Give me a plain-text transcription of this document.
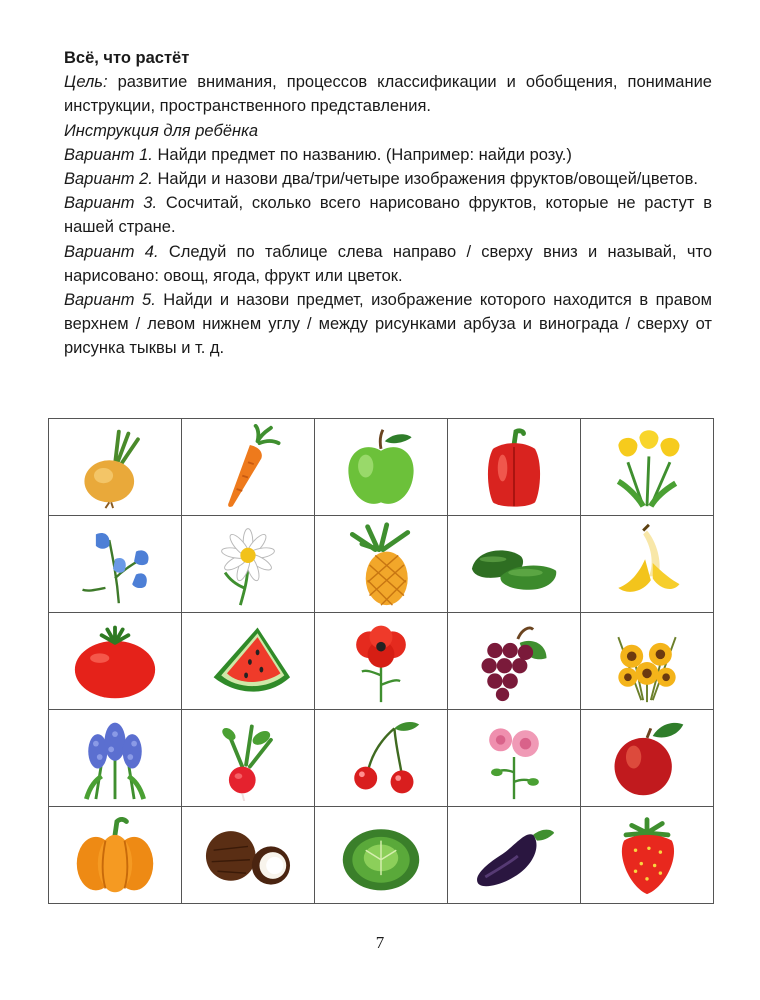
Всё, что растёт

Цель: развитие внимания, процессов классификации и обобщения, понимание инструкции, пространственного представления.

Инструкция для ребёнка

Вариант 1. Найди предмет по названию. (Например: найди розу.)

Вариант 2. Найди и назови два/три/четыре изображения фруктов/овощей/цветов.

Вариант 3. Сосчитай, сколько всего нарисовано фруктов, которые не растут в нашей стране.

Вариант 4. Следуй по таблице слева направо / сверху вниз и называй, что нарисовано: овощ, ягода, фрукт или цветок.

Вариант 5. Найди и назови предмет, изображение которого находится в правом верхнем / левом нижнем углу / между рисунками арбуза и винограда / сверху от рисунка тыквы и т. д.

7
